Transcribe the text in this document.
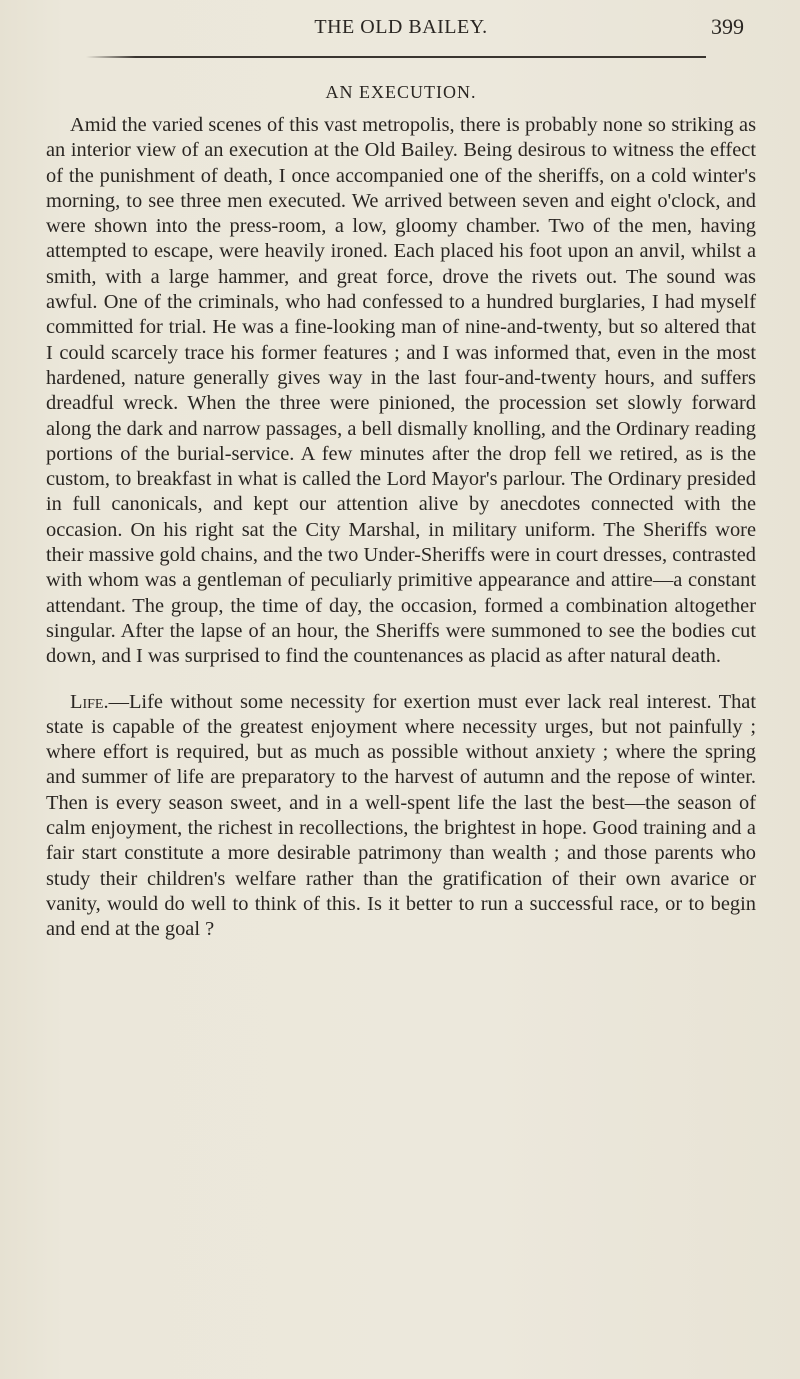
THE OLD BAILEY.	399
AN EXECUTION.

Amid the varied scenes of this vast metropolis, there is probably none so striking as an interior view of an execution at the Old Bailey. Being desirous to witness the effect of the punishment of death, I once accompanied one of the sheriffs, on a cold winter's morning, to see three men executed. We arrived between seven and eight o'clock, and were shown into the press-room, a low, gloomy chamber. Two of the men, having attempted to escape, were heavily ironed. Each placed his foot upon an anvil, whilst a smith, with a large hammer, and great force, drove the rivets out. The sound was awful. One of the criminals, who had confessed to a hundred burglaries, I had myself committed for trial. He was a fine-looking man of nine-and-twenty, but so altered that I could scarcely trace his former features ; and I was informed that, even in the most hardened, nature generally gives way in the last four-and-twenty hours, and suffers dreadful wreck. When the three were pinioned, the procession set slowly forward along the dark and narrow passages, a bell dismally knolling, and the Ordinary reading portions of the burial-service. A few minutes after the drop fell we retired, as is the custom, to breakfast in what is called the Lord Mayor's parlour. The Ordinary presided in full canonicals, and kept our attention alive by anecdotes connected with the occasion. On his right sat the City Marshal, in military uniform. The Sheriffs wore their massive gold chains, and the two Under-Sheriffs were in court dresses, contrasted with whom was a gentleman of peculiarly primitive appearance and attire—a constant attendant. The group, the time of day, the occasion, formed a combination altogether singular. After the lapse of an hour, the Sheriffs were summoned to see the bodies cut down, and I was surprised to find the countenances as placid as after natural death.

Life.—Life without some necessity for exertion must ever lack real interest. That state is capable of the greatest enjoyment where necessity urges, but not painfully ; where effort is required, but as much as possible without anxiety ; where the spring and summer of life are preparatory to the harvest of autumn and the repose of winter. Then is every season sweet, and in a well-spent life the last the best—the season of calm enjoyment, the richest in recollections, the brightest in hope. Good training and a fair start constitute a more desirable patrimony than wealth ; and those parents who study their children's welfare rather than the gratification of their own avarice or vanity, would do well to think of this. Is it better to run a successful race, or to begin and end at the goal ?
